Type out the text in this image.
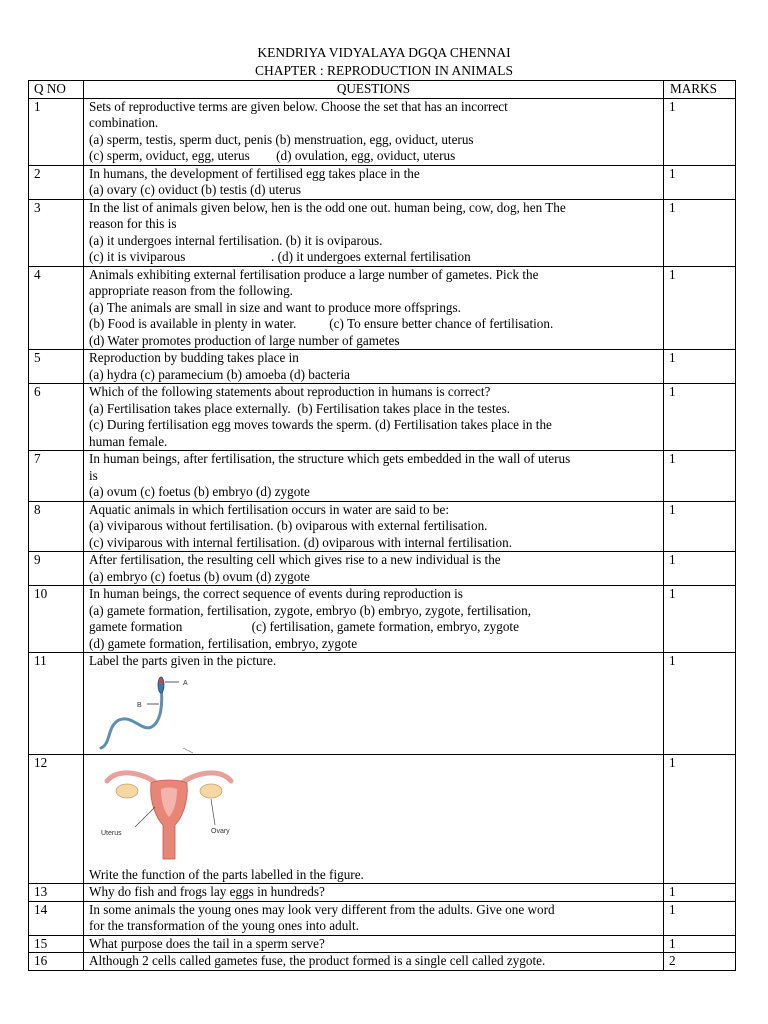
KENDRIYA VIDYALAYA DGQA CHENNAI
CHAPTER : REPRODUCTION IN ANIMALS
Q NO	QUESTIONS	MARKS
1	Sets of reproductive terms are given below. Choose the set that has an incorrect
combination.
(a) sperm, testis, sperm duct, penis (b) menstruation, egg, oviduct, uterus
(c) sperm, oviduct, egg, uterus        (d) ovulation, egg, oviduct, uterus	1
2	In humans, the development of fertilised egg takes place in the
(a) ovary (c) oviduct (b) testis (d) uterus	1
3	In the list of animals given below, hen is the odd one out. human being, cow, dog, hen The
reason for this is
(a) it undergoes internal fertilisation. (b) it is oviparous.
(c) it is viviparous                          . (d) it undergoes external fertilisation	1
4	Animals exhibiting external fertilisation produce a large number of gametes. Pick the
appropriate reason from the following.
(a) The animals are small in size and want to produce more offsprings.
(b) Food is available in plenty in water.          (c) To ensure better chance of fertilisation.
(d) Water promotes production of large number of gametes	1
5	Reproduction by budding takes place in
(a) hydra (c) paramecium (b) amoeba (d) bacteria	1
6	Which of the following statements about reproduction in humans is correct?
(a) Fertilisation takes place externally.  (b) Fertilisation takes place in the testes.
(c) During fertilisation egg moves towards the sperm. (d) Fertilisation takes place in the
human female.	1
7	In human beings, after fertilisation, the structure which gets embedded in the wall of uterus
is
(a) ovum (c) foetus (b) embryo (d) zygote	1
8	Aquatic animals in which fertilisation occurs in water are said to be:
(a) viviparous without fertilisation. (b) oviparous with external fertilisation.
(c) viviparous with internal fertilisation. (d) oviparous with internal fertilisation.	1
9	After fertilisation, the resulting cell which gives rise to a new individual is the
(a) embryo (c) foetus (b) ovum (d) zygote	1
10	In human beings, the correct sequence of events during reproduction is
(a) gamete formation, fertilisation, zygote, embryo (b) embryo, zygote, fertilisation,
gamete formation                     (c) fertilisation, gamete formation, embryo, zygote
(d) gamete formation, fertilisation, embryo, zygote	1
11	Label the parts given in the picture.
A
B	1
12	Uterus Ovary
Write the function of the parts labelled in the figure.	1
13	Why do fish and frogs lay eggs in hundreds?	1
14	In some animals the young ones may look very different from the adults. Give one word
for the transformation of the young ones into adult.	1
15	What purpose does the tail in a sperm serve?	1
16	Although 2 cells called gametes fuse, the product formed is a single cell called zygote.	2
